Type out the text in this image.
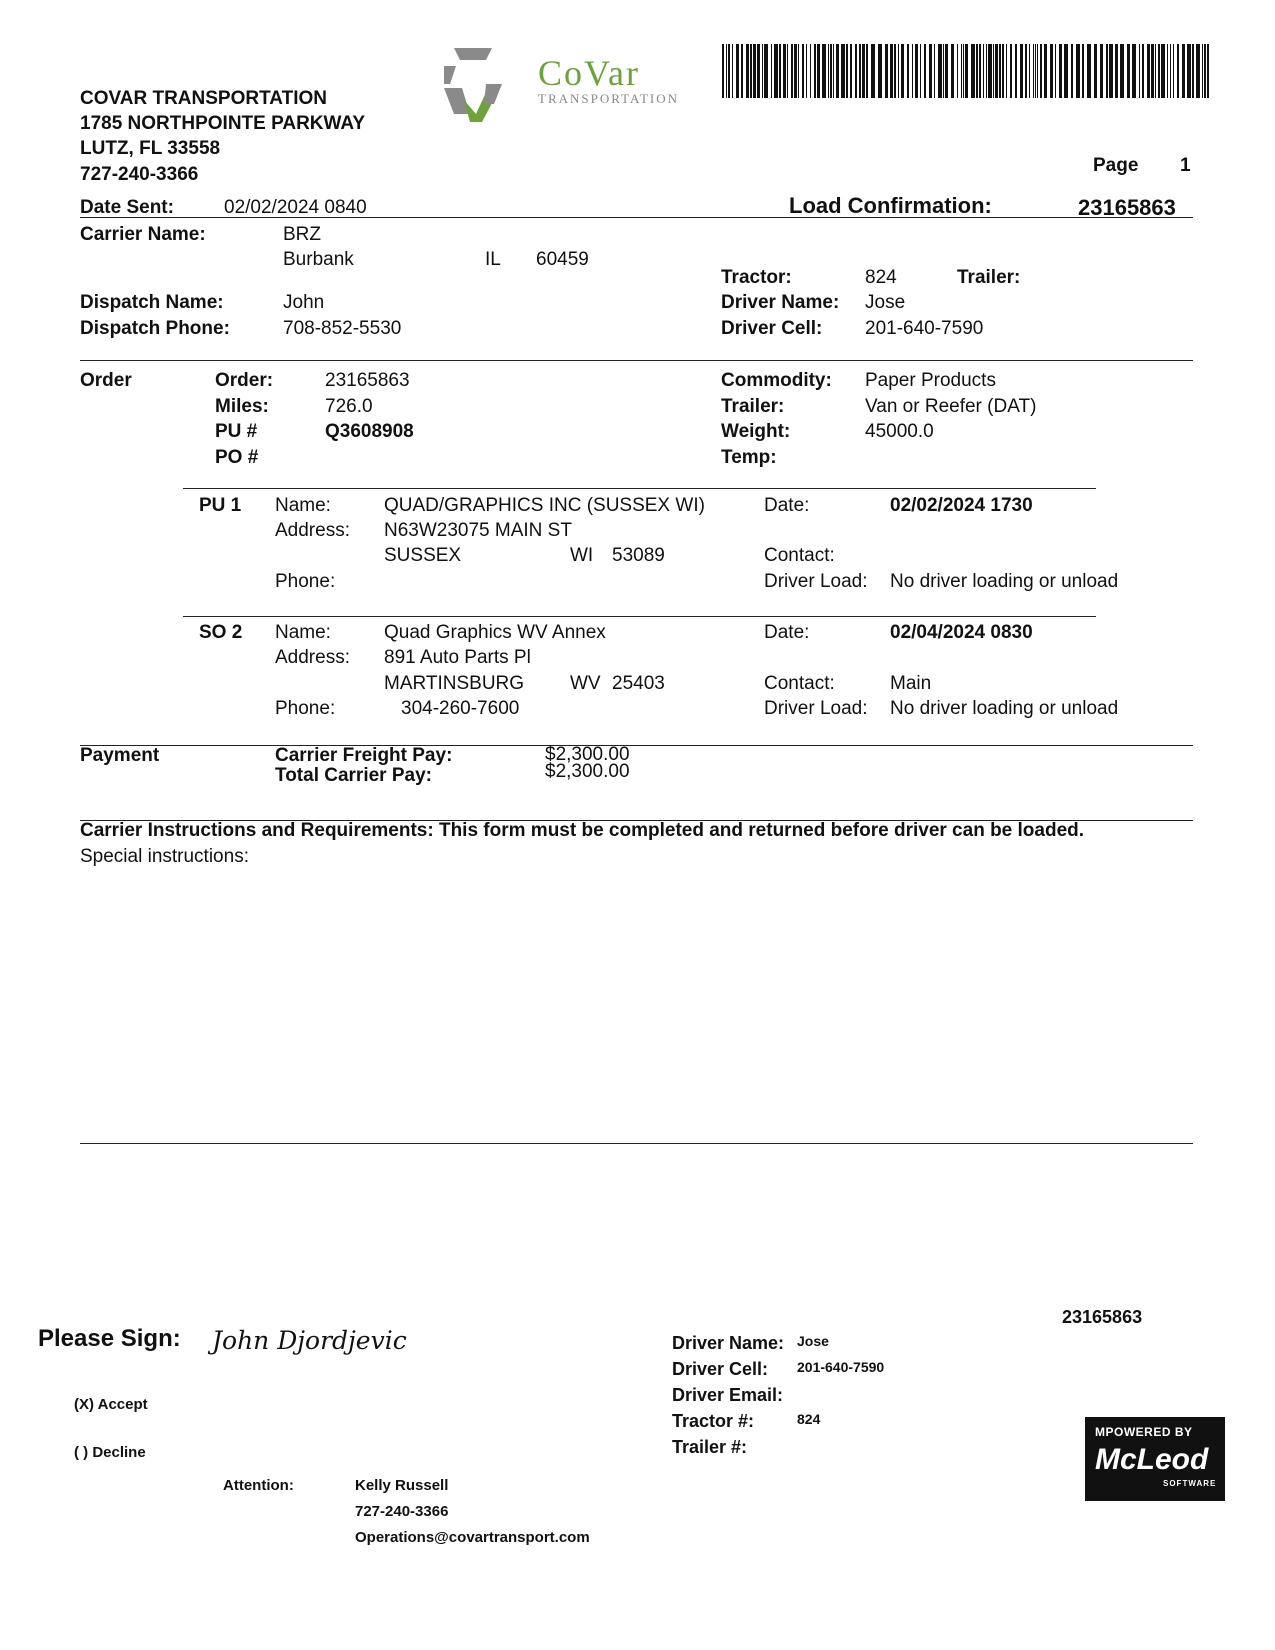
CoVar
TRANSPORTATION
COVAR TRANSPORTATION
1785 NORTHPOINTE PARKWAY
LUTZ, FL 33558
727-240-3366	Page 1
Date Sent:	02/02/2024 0840	Load Confirmation:	23165863
Carrier Name:	BRZ
Burbank	IL 60459
Tractor:	824	Trailer:
Dispatch Name:	John	Driver Name: Jose
Dispatch Phone:	708-852-5530	Driver Cell: 201-640-7590
Order	Order:	23165863
Miles:	726.0
PU #	Q3608908
PO #
Commodity: Paper Products
Trailer:	Van or Reefer (DAT)
Weight:	45000.0
Temp:
PU 1 Name:	QUAD/GRAPHICS INC (SUSSEX WI)
Address: N63W23075 MAIN ST
SUSSEX	WI 53089
Phone:
Date:	02/02/2024 1730
Contact:
Driver Load: No driver loading or unload
SO 2 Name:	Quad Graphics WV Annex
Address: 891 Auto Parts Pl
MARTINSBURG WV 25403
Phone:	304-260-7600
Date:	02/04/2024 0830
Contact:	Main
Driver Load: No driver loading or unload
Payment	Carrier Freight Pay:	$2,300.00
Total Carrier Pay:	$2,300.00
Carrier Instructions and Requirements: This form must be completed and returned before driver can be loaded.
Special instructions:
Please Sign: John Djordjevic
23165863
(X) Accept
( ) Decline
Attention:	Kelly Russell
727-240-3366
Operations@covartransport.com
Driver Name: Jose
Driver Cell: 201-640-7590
Driver Email:
Tractor #:	824
Trailer #:
MPOWERED BY
McLeod
SOFTWARE
